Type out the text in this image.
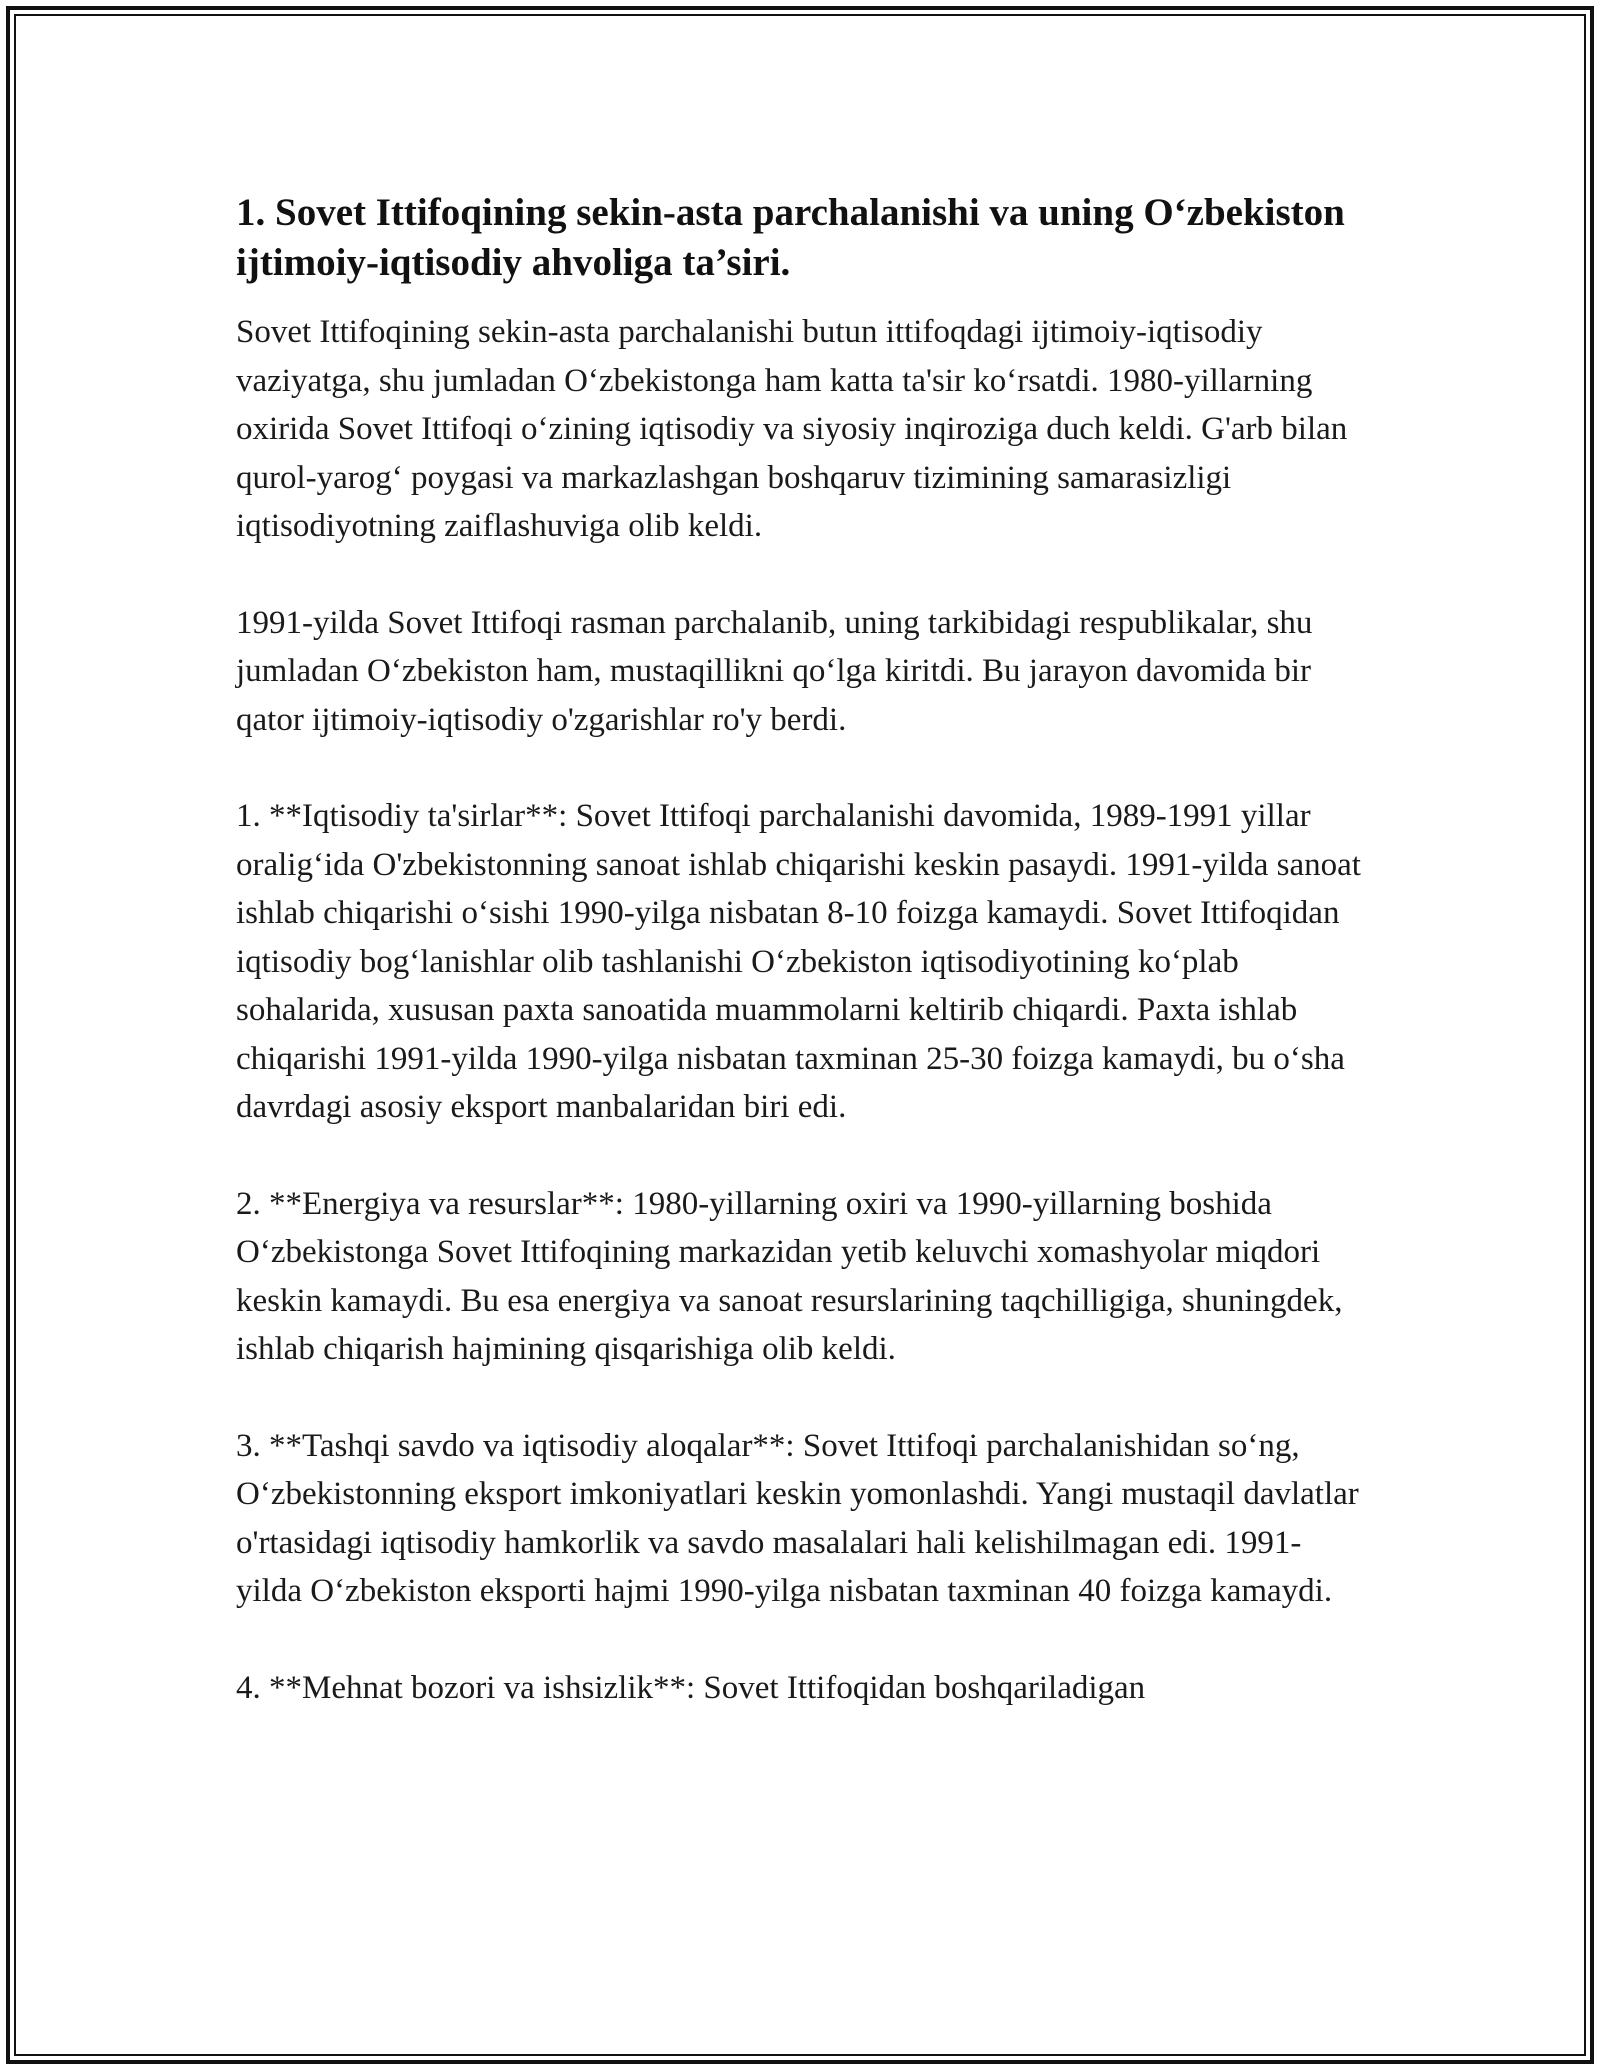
1. Sovet Ittifoqining sekin-asta parchalanishi va uning O‘zbekiston ijtimoiy-iqtisodiy ahvoliga ta’siri.

Sovet Ittifoqining sekin-asta parchalanishi butun ittifoqdagi ijtimoiy-iqtisodiy vaziyatga, shu jumladan O‘zbekistonga ham katta ta'sir ko‘rsatdi. 1980-yillarning oxirida Sovet Ittifoqi o‘zining iqtisodiy va siyosiy inqiroziga duch keldi. G'arb bilan qurol-yarog‘ poygasi va markazlashgan boshqaruv tizimining samarasizligi iqtisodiyotning zaiflashuviga olib keldi.

1991-yilda Sovet Ittifoqi rasman parchalanib, uning tarkibidagi respublikalar, shu jumladan O‘zbekiston ham, mustaqillikni qo‘lga kiritdi. Bu jarayon davomida bir qator ijtimoiy-iqtisodiy o'zgarishlar ro'y berdi.

1. **Iqtisodiy ta'sirlar**: Sovet Ittifoqi parchalanishi davomida, 1989-1991 yillar oralig‘ida O'zbekistonning sanoat ishlab chiqarishi keskin pasaydi. 1991-yilda sanoat ishlab chiqarishi o‘sishi 1990-yilga nisbatan 8-10 foizga kamaydi. Sovet Ittifoqidan iqtisodiy bog‘lanishlar olib tashlanishi O‘zbekiston iqtisodiyotining ko‘plab sohalarida, xususan paxta sanoatida muammolarni keltirib chiqardi. Paxta ishlab chiqarishi 1991-yilda 1990-yilga nisbatan taxminan 25-30 foizga kamaydi, bu o‘sha davrdagi asosiy eksport manbalaridan biri edi.

2. **Energiya va resurslar**: 1980-yillarning oxiri va 1990-yillarning boshida O‘zbekistonga Sovet Ittifoqining markazidan yetib keluvchi xomashyolar miqdori keskin kamaydi. Bu esa energiya va sanoat resurslarining taqchilligiga, shuningdek, ishlab chiqarish hajmining qisqarishiga olib keldi.

3. **Tashqi savdo va iqtisodiy aloqalar**: Sovet Ittifoqi parchalanishidan so‘ng, O‘zbekistonning eksport imkoniyatlari keskin yomonlashdi. Yangi mustaqil davlatlar o'rtasidagi iqtisodiy hamkorlik va savdo masalalari hali kelishilmagan edi. 1991-yilda O‘zbekiston eksporti hajmi 1990-yilga nisbatan taxminan 40 foizga kamaydi.

4. **Mehnat bozori va ishsizlik**: Sovet Ittifoqidan boshqariladigan
